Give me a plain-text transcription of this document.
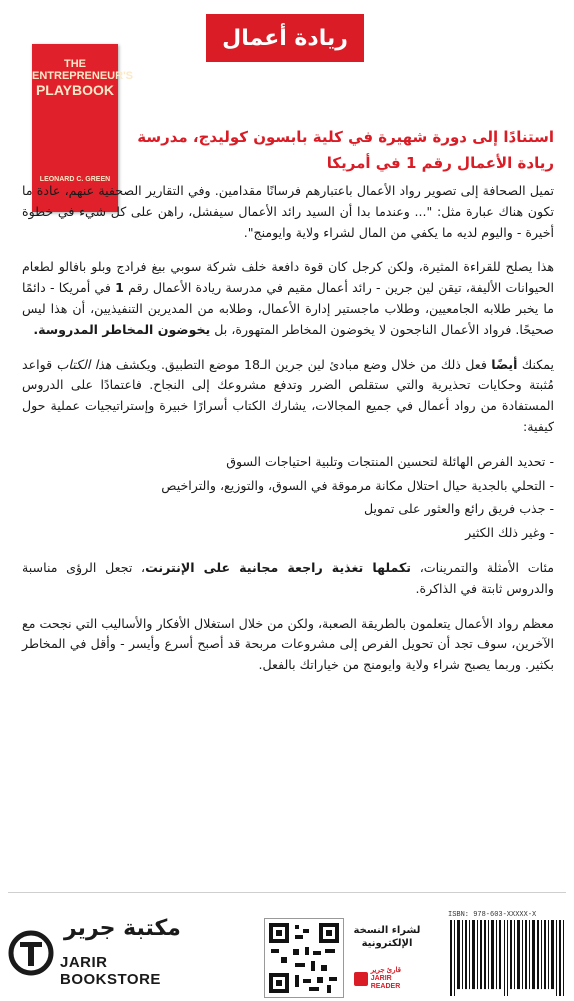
ريادة أعمال
THE
ENTREPRENEUR'S
PLAYBOOK
LEONARD C. GREEN
استنادًا إلى دورة شهيرة في كلية بابسون كوليدج، مدرسة ريادة الأعمال رقم 1 في أمريكا

تميل الصحافة إلى تصوير رواد الأعمال باعتبارهم فرسانًا مقدامين. وفي التقارير الصحفية عنهم، عادة ما تكون هناك عبارة مثل: "... وعندما بدا أن السيد رائد الأعمال سيفشل، راهن على كل شيء في خطوة أخيرة - واليوم لديه ما يكفي من المال لشراء ولاية وايومنج".

هذا يصلح للقراءة المثيرة، ولكن كرجل كان قوة دافعة خلف شركة سوبي بيغ فرادج وبلو بافالو لطعام الحيوانات الأليفة، تيقن لين جرين - رائد أعمال مقيم في مدرسة ريادة الأعمال رقم 1 في أمريكا - دائمًا ما يخبر طلابه الجامعيين، وطلاب ماجستير إدارة الأعمال، وطلابه من المديرين التنفيذيين، أن هذا ليس صحيحًا. فرواد الأعمال الناجحون لا يخوضون المخاطر المتهورة، بل يخوضون المخاطر المدروسة.

يمكنك أيضًا فعل ذلك من خلال وضع مبادئ لين جرين الـ18 موضع التطبيق. ويكشف هذا الكتاب قواعد مُثبتة وحكايات تحذيرية والتي ستقلص الضرر وتدفع مشروعك إلى النجاح. فاعتمادًا على الدروس المستفادة من رواد أعمال في جميع المجالات، يشارك الكتاب أسرارًا خبيرة وإستراتيجيات عملية حول كيفية:

- تحديد الفرص الهائلة لتحسين المنتجات وتلبية احتياجات السوق
- التحلي بالجدية حيال احتلال مكانة مرموقة في السوق، والتوزيع، والتراخيص
- جذب فريق رائع والعثور على تمويل
- وغير ذلك الكثير

مئات الأمثلة والتمرينات، تكملها تغذية راجعة مجانية على الإنترنت، تجعل الرؤى مناسبة والدروس ثابتة في الذاكرة.

معظم رواد الأعمال يتعلمون بالطريقة الصعبة، ولكن من خلال استغلال الأفكار والأساليب التي نجحت مع الآخرين، سوف تجد أن تحويل الفرص إلى مشروعات مربحة قد أصبح أسرع وأيسر - وأقل في المخاطر بكثير. وربما يصبح شراء ولاية وايومنج من خياراتك بالفعل.

مكتبة جرير
JARIR BOOKSTORE
لشراء النسخة الإلكترونية
قارئ جرير
JARIR READER
ISBN: 978-603-XXXXX-X
